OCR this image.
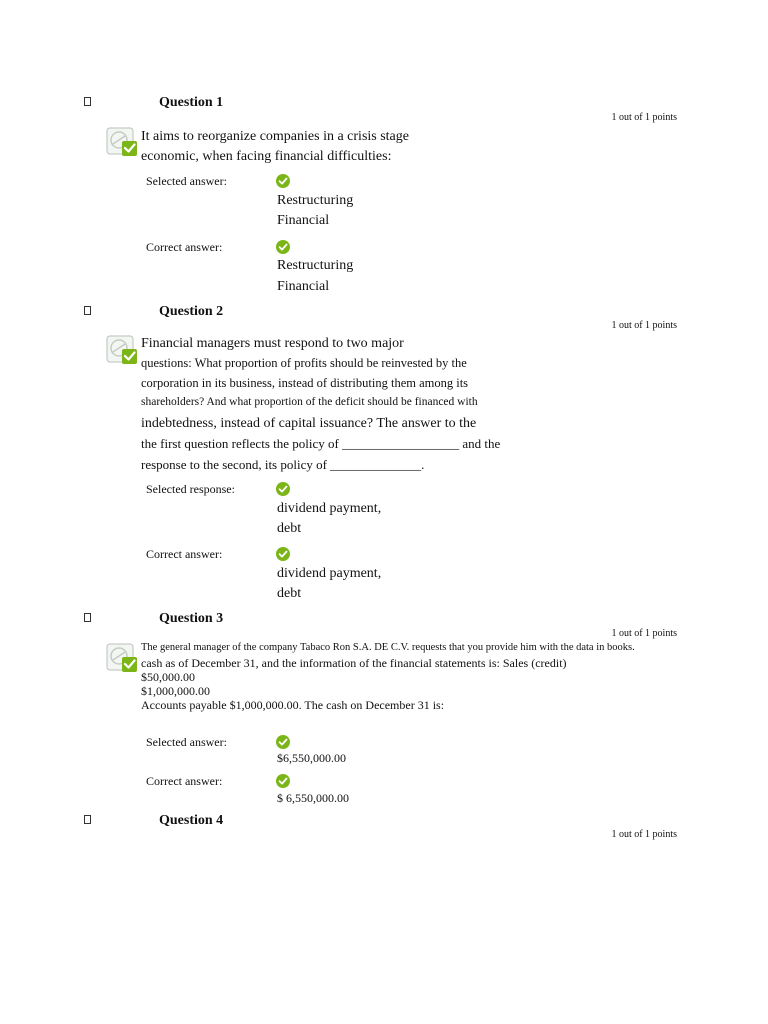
Question 1
1 out of 1 points
It aims to reorganize companies in a crisis stage
economic, when facing financial difficulties:
Selected answer:
Restructuring
Financial
Correct answer:
Restructuring
Financial
Question 2
1 out of 1 points
Financial managers must respond to two major
questions: What proportion of profits should be reinvested by the
corporation in its business, instead of distributing them among its
shareholders? And what proportion of the deficit should be financed with
indebtedness, instead of capital issuance? The answer to the
the first question reflects the policy of __________________ and the
response to the second, its policy of ______________.
Selected response:
dividend payment,
debt
Correct answer:
dividend payment,
debt
Question 3
1 out of 1 points
The general manager of the company Tabaco Ron S.A. DE C.V. requests that you provide him with the data in books.
cash as of December 31, and the information of the financial statements is: Sales (credit)
$50,000.00
$1,000,000.00
Accounts payable $1,000,000.00. The cash on December 31 is:
Selected answer:
$6,550,000.00
Correct answer:
$ 6,550,000.00
Question 4
1 out of 1 points
